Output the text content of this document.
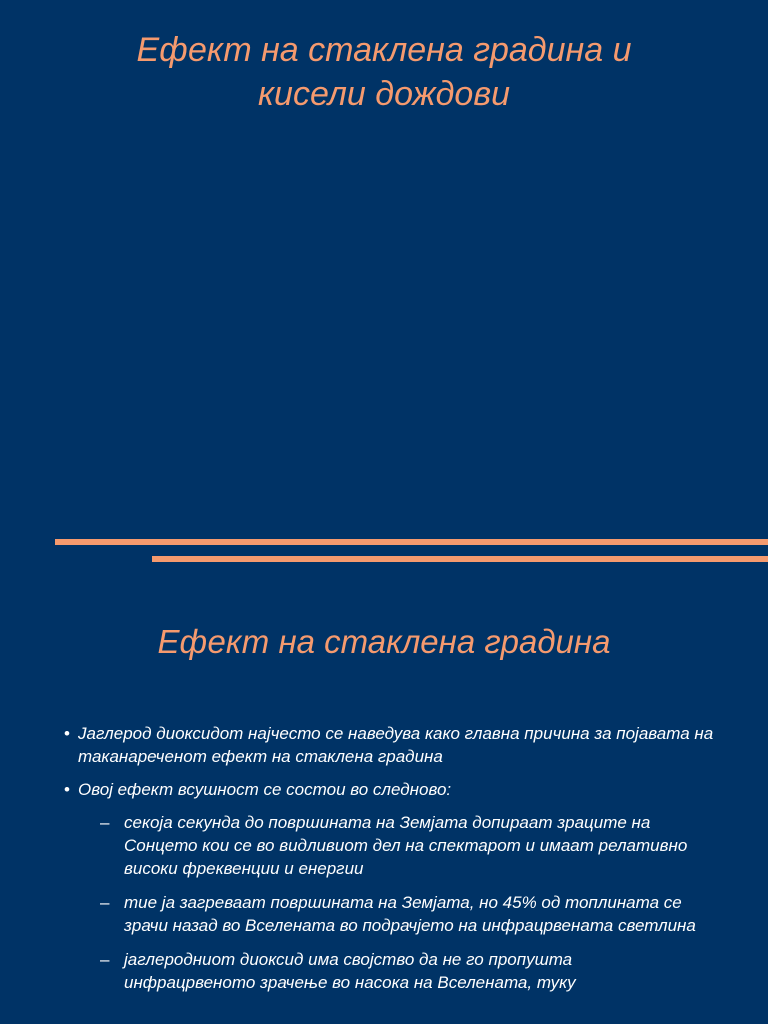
Ефект на стаклена градина и
кисели дождови
Ефект на стаклена градина
• Јаглерод диоксидот најчесто се наведува како главна причина за појавата на таканареченот ефект на стаклена градина
• Овој ефект всушност се состои во следново:
– секоја секунда до површината на Земјата допираат зраците на Сонцето кои се во видливиот дел на спектарот и имаат релативно високи фреквенции и енергии
– тие ја загреваат површината на Земјата, но 45% од топлината се зрачи назад во Вселената во подрачјето на инфрацрвената светлина
– јаглеродниот диоксид има својство да не го пропушта инфрацрвеното зрачење во насока на Вселената, туку
